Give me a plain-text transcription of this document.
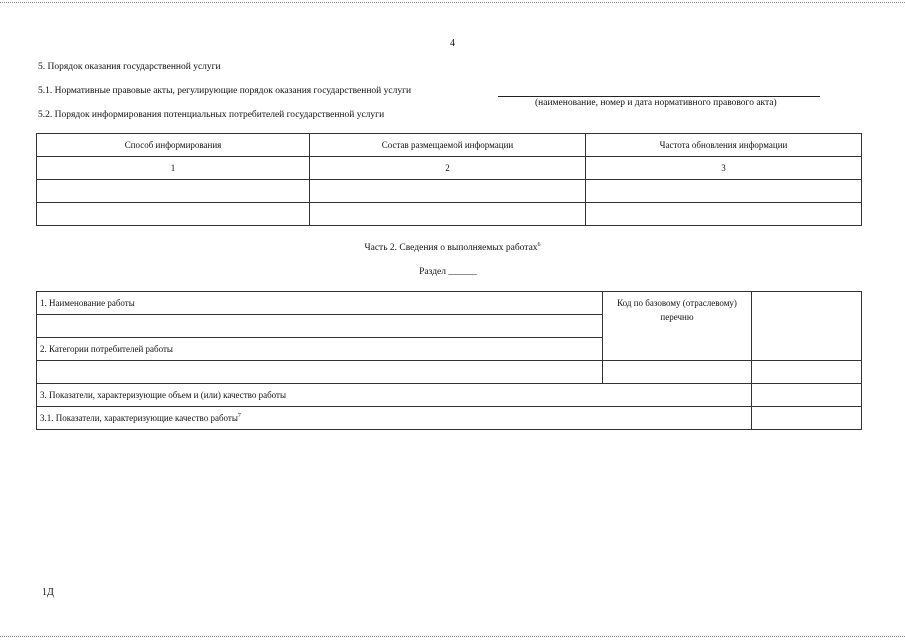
4
5. Порядок оказания государственной услуги
5.1. Нормативные правовые акты, регулирующие порядок оказания государственной услуги
(наименование, номер и дата нормативного правового акта)
5.2. Порядок информирования потенциальных потребителей государственной услуги
Способ информирования	Состав размещаемой информации	Частота обновления информации
1	2	3

Часть 2. Сведения о выполняемых работах$^6$
Раздел ______
1. Наименование работы	Код по базовому (отраслевому) перечню	

2. Категории потребителей работы		

3. Показатели, характеризующие объем и (или) качество работы		
3.1. Показатели, характеризующие качество работы$^7$	
1Д
